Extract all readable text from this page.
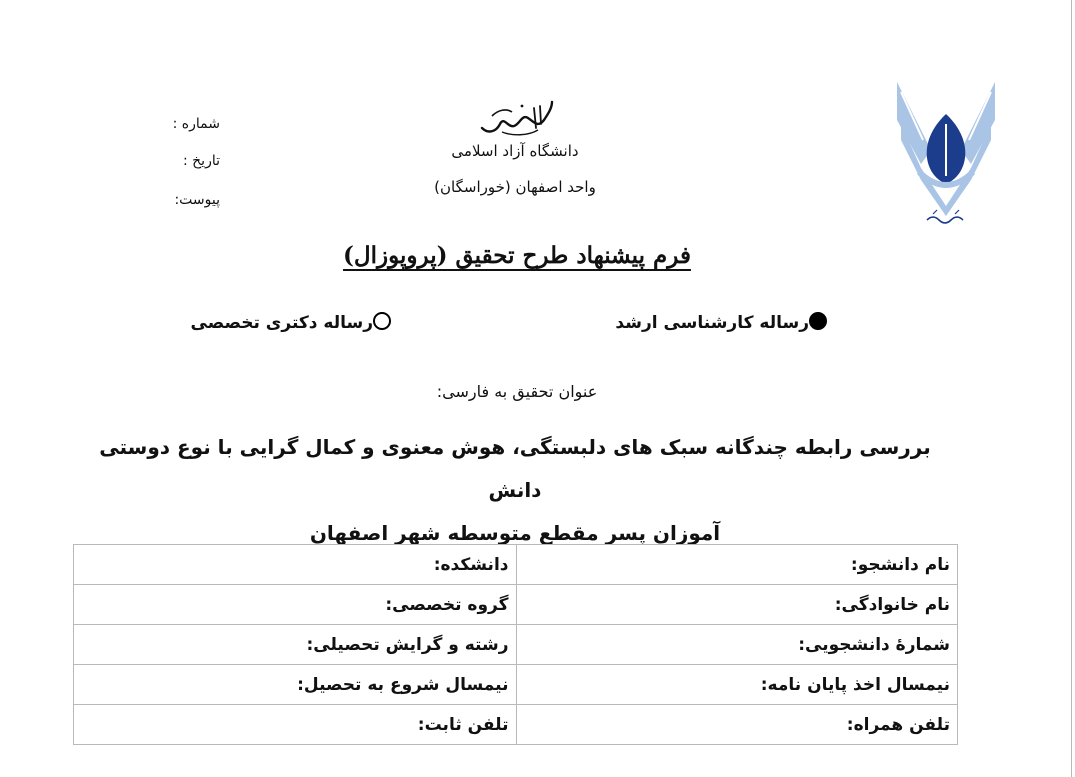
دانشگاه آزاد اسلامی
واحد اصفهان (خوراسگان)
شماره :
تاریخ :
پیوست:
فرم پیشنهاد طرح تحقیق (پروپوزال)
رساله کارشناسی ارشد
رساله دکتری تخصصی
عنوان تحقیق به فارسی:
بررسی رابطه چندگانه سبک های دلبستگی، هوش معنوی و کمال گرایی با نوع دوستی دانش
آموزان پسر مقطع متوسطه شهر اصفهان
نام دانشجو:	دانشکده:
نام خانوادگی:	گروه تخصصی:
شمارهٔ دانشجویی:	رشته و گرایش تحصیلی:
نیمسال اخذ پایان نامه:	نیمسال شروع به تحصیل:
تلفن همراه:	تلفن ثابت:
